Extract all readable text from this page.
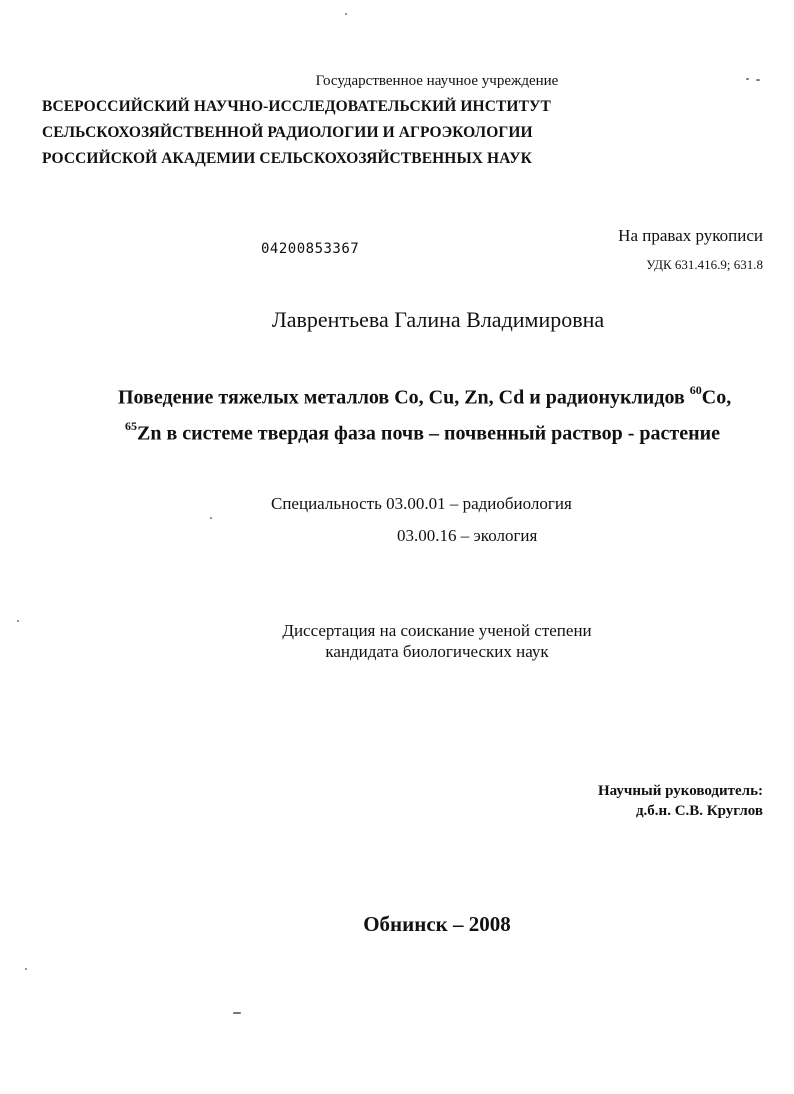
Государственное научное учреждение

ВСЕРОССИЙСКИЙ НАУЧНО-ИССЛЕДОВАТЕЛЬСКИЙ ИНСТИТУТ

СЕЛЬСКОХОЗЯЙСТВЕННОЙ РАДИОЛОГИИ И АГРОЭКОЛОГИИ

РОССИЙСКОЙ АКАДЕМИИ СЕЛЬСКОХОЗЯЙСТВЕННЫХ НАУК

04200853367

На правах рукописи

УДК 631.416.9; 631.8

Лаврентьева Галина Владимировна

Поведение тяжелых металлов Co, Cu, Zn, Cd и радионуклидов $^{60}$Co,

$^{65}$Zn в системе твердая фаза почв – почвенный раствор - растение

Специальность 03.00.01 – радиобиология

03.00.16 – экология

Диссертация на соискание ученой степени

кандидата биологических наук

Научный руководитель:

д.б.н. С.В. Круглов

Обнинск – 2008
